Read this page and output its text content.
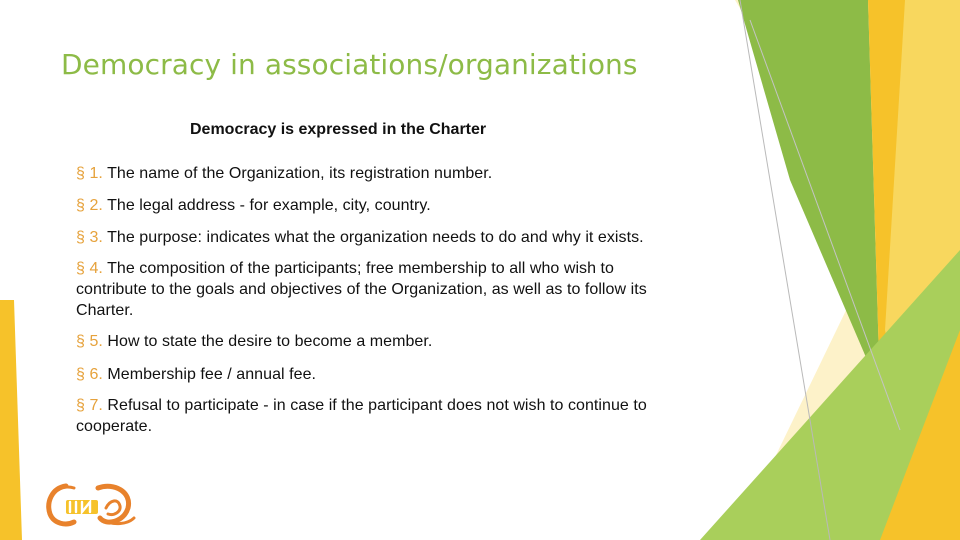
Democracy in associations/organizations
Democracy is expressed in the Charter
§ 1. The name of the Organization, its registration number.
§ 2. The legal address - for example, city, country.
§ 3. The purpose: indicates what the organization needs to do and why it exists.
§ 4. The composition of the participants; free membership to all who wish to contribute to the goals and objectives of the Organization, as well as to follow its Charter.
§ 5. How to state the desire to become a member.
§ 6. Membership fee / annual fee.
§ 7. Refusal to participate - in case if the participant does not wish to continue to cooperate.
